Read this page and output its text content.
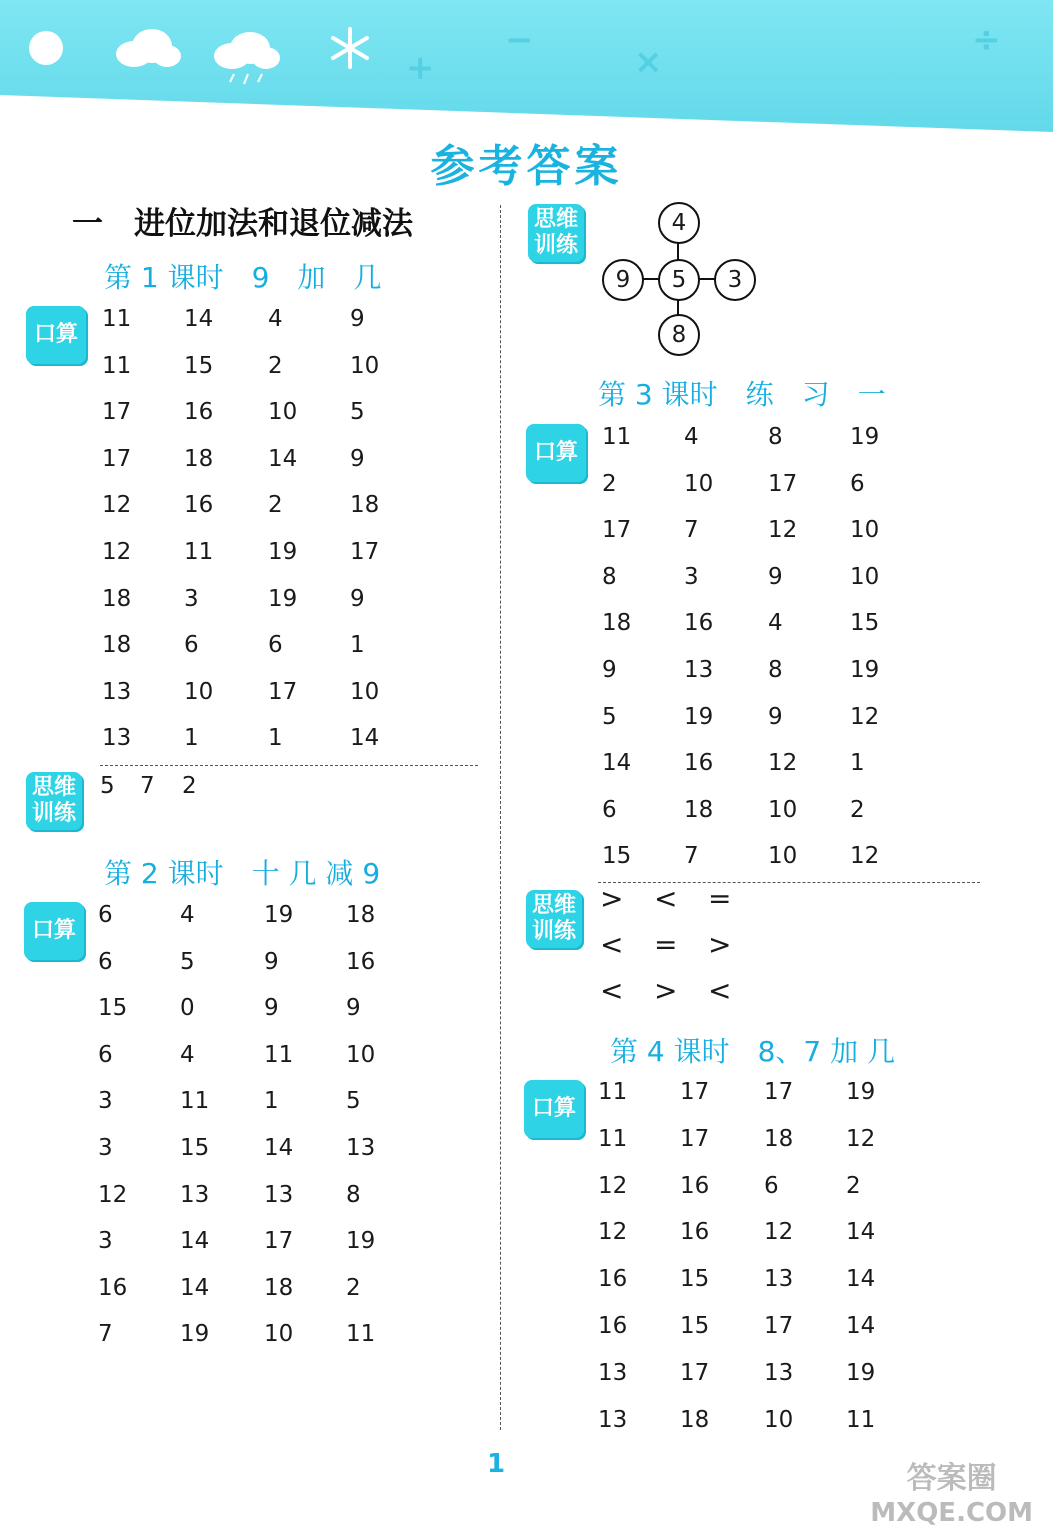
+
−
×
÷
参考答案
一　进位加法和退位减法
第 1 课时　9　加　几
口算
11 14 4	9
11 15 2	10
17 16 10 5
17 18 14 9
12 16 2	18
12 11 19 17
18 3	19 9
18 6	6	1
13 10 17 10
13 1	1	14
思维
训练
5 7 2
第 2 课时　十 几 减 9
口算
6	4	19 18
6	5	9	16
15 0	9	9
6	4	11 10
3	11 1	5
3	15 14 13
12 13 13 8
3	14 17 19
16 14 18 2
7	19 10 11
思维
训练
4
9	5	3
8
第 3 课时　练　习　一
口算
11 4	8	19
2	10 17 6
17 7	12 10
8	3	9	10
18 16 4	15
9	13 8	19
5	19 9	12
14 16 12 1
6	18 10 2
15 7	10 12
思维
训练
> < =
< = >
< > <
第 4 课时　8、7 加 几
口算
11 17 17 19
11 17 18 12
12 16 6	2
12 16 12 14
16 15 13 14
16 15 17 14
13 17 13 19
13 18 10 11
1	答案圈
MXQE.COM
